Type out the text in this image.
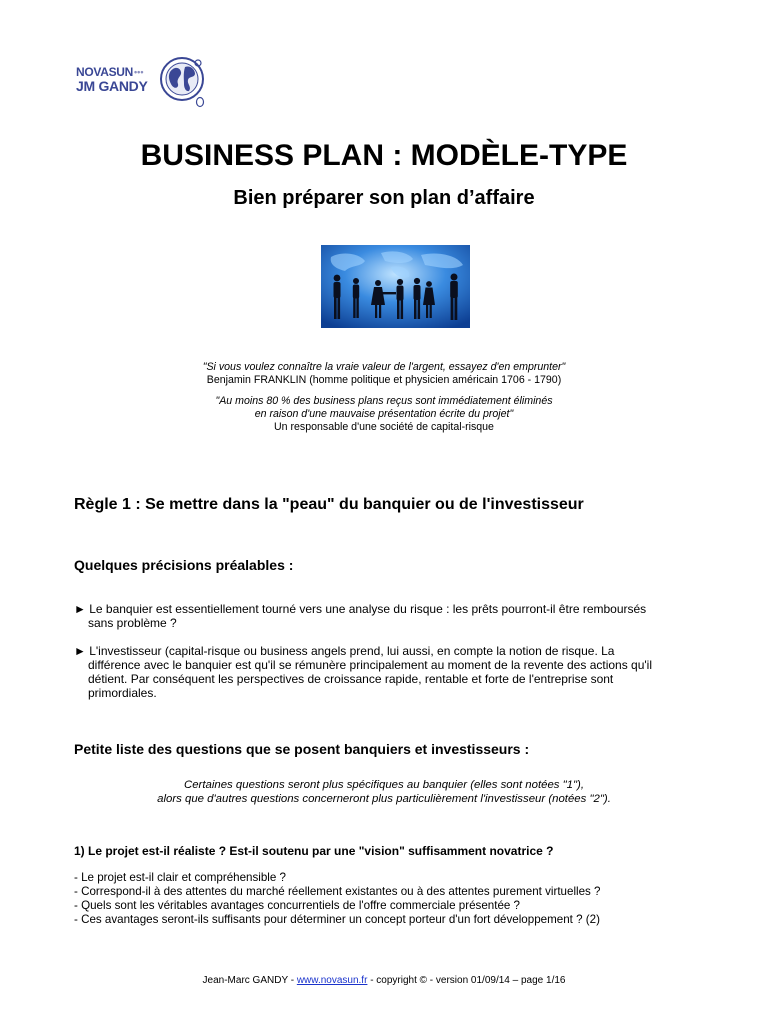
NOVASUN •••
JM GANDY
BUSINESS PLAN : MODÈLE-TYPE
Bien préparer son plan d’affaire
"Si vous voulez connaître la vraie valeur de l'argent, essayez d'en emprunter"
Benjamin FRANKLIN (homme politique et physicien américain 1706 - 1790)
"Au moins 80 % des business plans reçus sont immédiatement éliminés
en raison d'une mauvaise présentation écrite du projet"
Un responsable d'une société de capital-risque
Règle 1 : Se mettre dans la "peau" du banquier ou de l'investisseur
Quelques précisions préalables :
► Le banquier est essentiellement tourné vers une analyse du risque : les prêts pourront-il être remboursés
sans problème ?
► L'investisseur (capital-risque ou business angels prend, lui aussi, en compte la notion de risque. La
différence avec le banquier est qu'il se rémunère principalement au moment de la revente des actions qu'il
détient. Par conséquent les perspectives de croissance rapide, rentable et forte de l'entreprise sont
primordiales.
Petite liste des questions que se posent banquiers et investisseurs :
Certaines questions seront plus spécifiques au banquier (elles sont notées "1"),
alors que d'autres questions concerneront plus particulièrement l'investisseur (notées "2").
1) Le projet est-il réaliste ? Est-il soutenu par une "vision" suffisamment novatrice ?
- Le projet est-il clair et compréhensible ?
- Correspond-il à des attentes du marché réellement existantes ou à des attentes purement virtuelles ?
- Quels sont les véritables avantages concurrentiels de l'offre commerciale présentée ?
- Ces avantages seront-ils suffisants pour déterminer un concept porteur d'un fort développement ? (2)
Jean-Marc GANDY - www.novasun.fr - copyright © - version 01/09/14 – page 1/16
